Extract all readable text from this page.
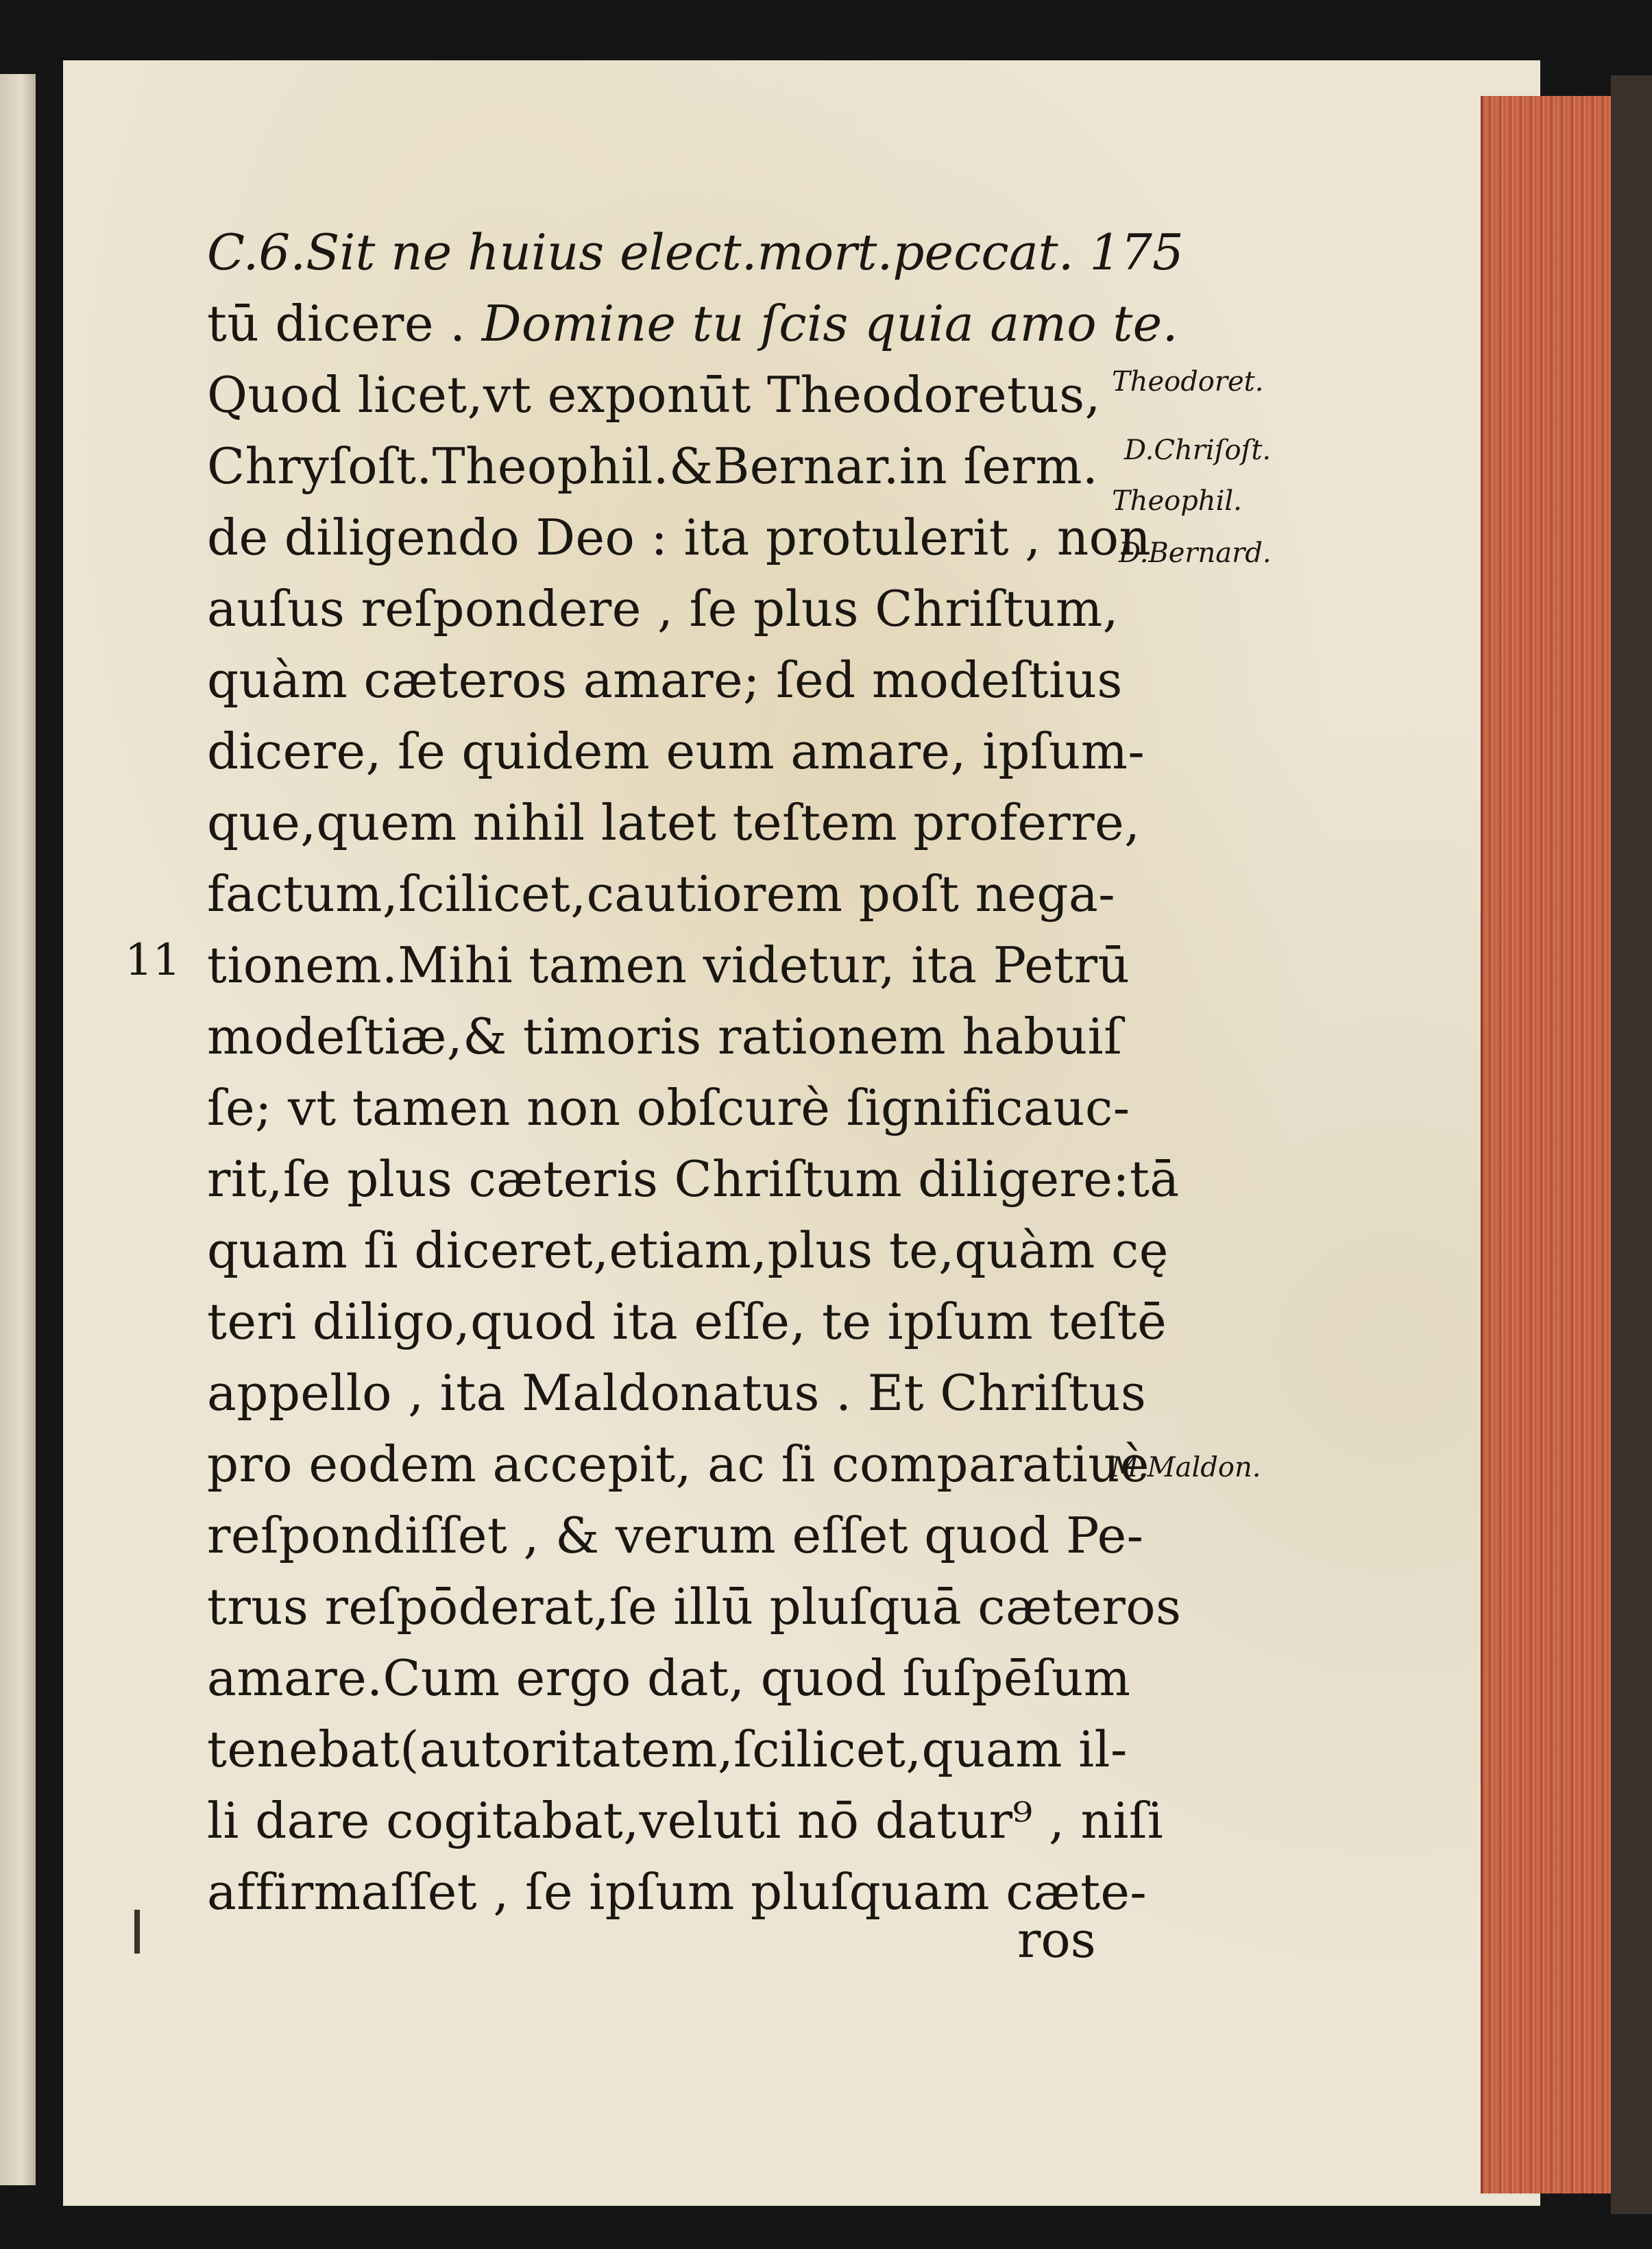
C.6.Sit ne huius elect.mort.peccat. 175
tū dicere . Domine tu ſcis quia amo te.
Quod licet,vt exponūt Theodoretus,
Chryſoſt.Theophil.&Bernar.in ſerm.
de diligendo Deo : ita protulerit , non
auſus reſpondere , ſe plus Chriſtum,
quàm cæteros amare; ſed modeſtius
dicere, ſe quidem eum amare, ipſum-
que,quem nihil latet teſtem proferre,
factum,ſcilicet,cautiorem poſt nega-
tionem.Mihi tamen videtur, ita Petrū
modeſtiæ,& timoris rationem habuiſ
ſe; vt tamen non obſcurè ſignificauc-
rit,ſe plus cæteris Chriſtum diligere:tā
quam ſi diceret,etiam,plus te,quàm cę
teri diligo,quod ita eſſe, te ipſum teſtē
appello , ita Maldonatus . Et Chriſtus
pro eodem accepit, ac ſi comparatiuè
reſpondiſſet , & verum eſſet quod Pe-
trus reſpōderat,ſe illū pluſquā cæteros
amare.Cum ergo dat, quod ſuſpēſum
tenebat(autoritatem,ſcilicet,quam il-
li dare cogitabat,veluti nō datur⁹ , niſi
affirmaſſet , ſe ipſum pluſquam cæte-
11
ros
Theodoret.
D.Chriſoſt.
Theophil.
D.Bernard.
M.Maldon.
